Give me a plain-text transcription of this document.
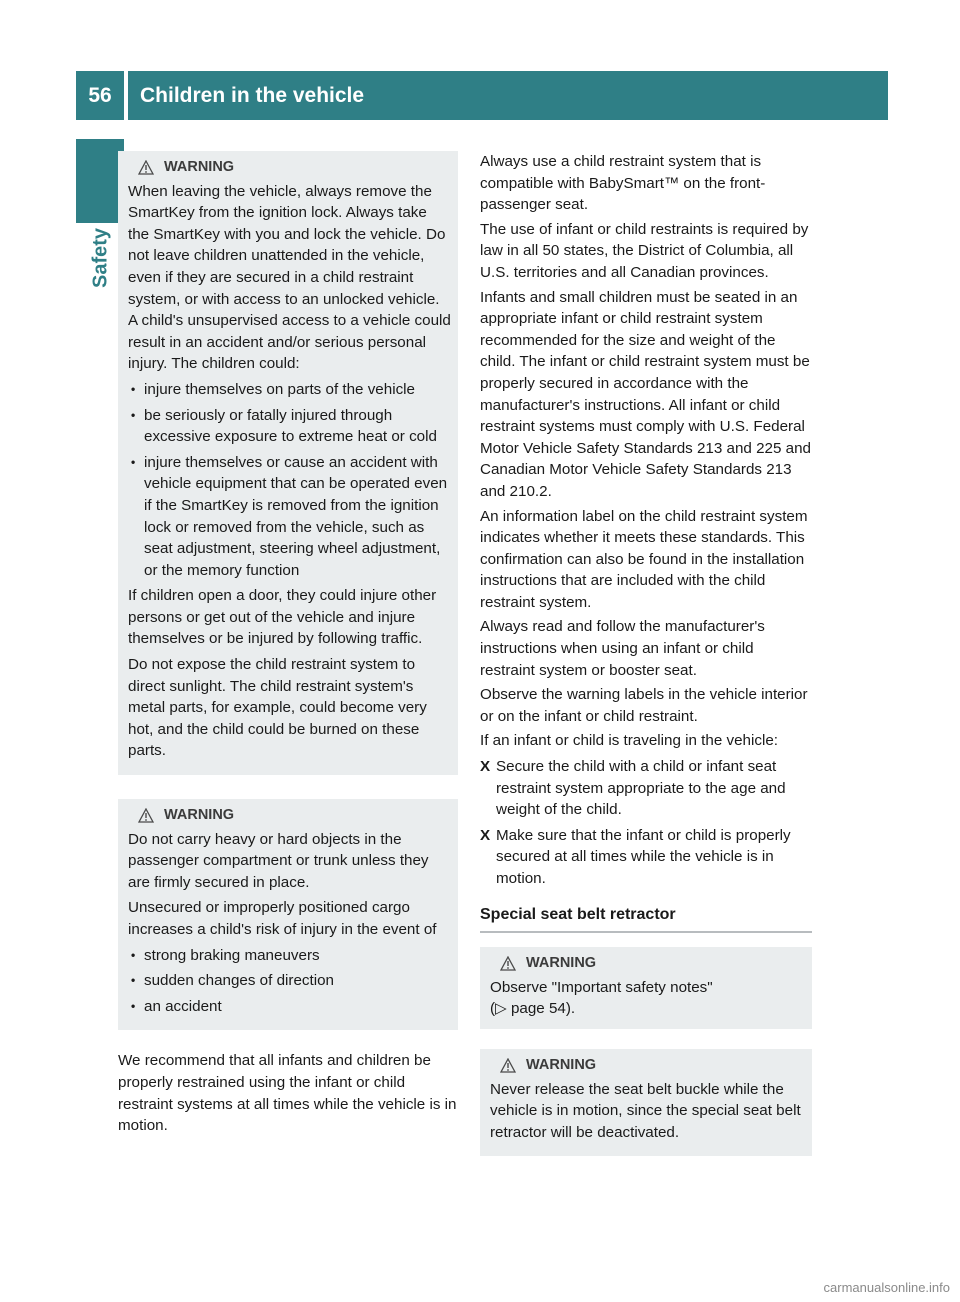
56	Children in the vehicle
Safety
WARNING

When leaving the vehicle, always remove the SmartKey from the ignition lock. Always take the SmartKey with you and lock the vehicle. Do not leave children unattended in the vehicle, even if they are secured in a child restraint system, or with access to an unlocked vehicle. A child's unsupervised access to a vehicle could result in an accident and/or serious personal injury. The children could:

• injure themselves on parts of the vehicle
• be seriously or fatally injured through excessive exposure to extreme heat or cold
• injure themselves or cause an accident with vehicle equipment that can be operated even if the SmartKey is removed from the ignition lock or removed from the vehicle, such as seat adjustment, steering wheel adjustment, or the memory function

If children open a door, they could injure other persons or get out of the vehicle and injure themselves or be injured by following traffic.

Do not expose the child restraint system to direct sunlight. The child restraint system's metal parts, for example, could become very hot, and the child could be burned on these parts.

WARNING

Do not carry heavy or hard objects in the passenger compartment or trunk unless they are firmly secured in place.

Unsecured or improperly positioned cargo increases a child's risk of injury in the event of

• strong braking maneuvers
• sudden changes of direction
• an accident

We recommend that all infants and children be properly restrained using the infant or child restraint systems at all times while the vehicle is in motion.

Always use a child restraint system that is compatible with BabySmart™ on the front-passenger seat.

The use of infant or child restraints is required by law in all 50 states, the District of Columbia, all U.S. territories and all Canadian provinces.

Infants and small children must be seated in an appropriate infant or child restraint system recommended for the size and weight of the child. The infant or child restraint system must be properly secured in accordance with the manufacturer's instructions. All infant or child restraint systems must comply with U.S. Federal Motor Vehicle Safety Standards 213 and 225 and Canadian Motor Vehicle Safety Standards 213 and 210.2.

An information label on the child restraint system indicates whether it meets these standards. This confirmation can also be found in the installation instructions that are included with the child restraint system.

Always read and follow the manufacturer's instructions when using an infant or child restraint system or booster seat.

Observe the warning labels in the vehicle interior or on the infant or child restraint.

If an infant or child is traveling in the vehicle:

X Secure the child with a child or infant seat restraint system appropriate to the age and weight of the child.
X Make sure that the infant or child is properly secured at all times while the vehicle is in motion.
Special seat belt retractor
WARNING

Observe "Important safety notes"

(▷ page 54).

WARNING

Never release the seat belt buckle while the vehicle is in motion, since the special seat belt retractor will be deactivated.

carmanualsonline.info
